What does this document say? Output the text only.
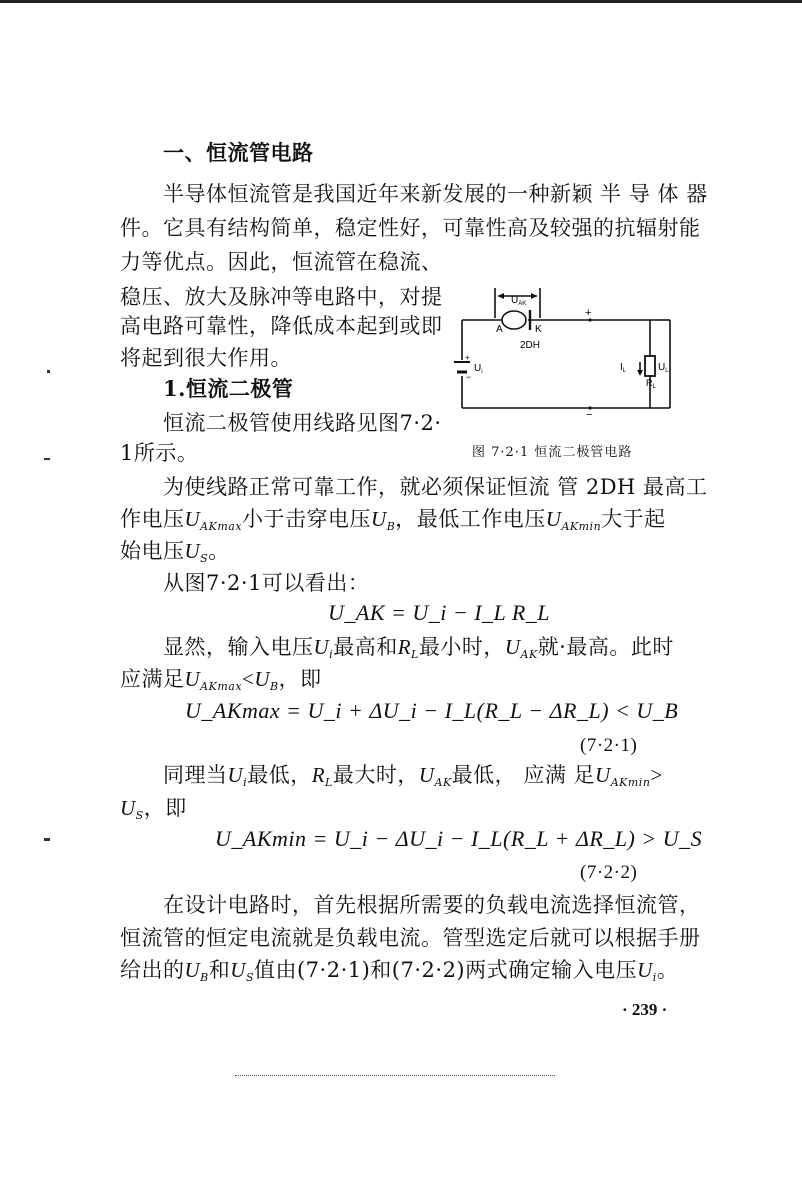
一、恒流管电路
半导体恒流管是我国近年来新发展的一种新颖 半 导 体 器
件。它具有结构简单，稳定性好，可靠性高及较强的抗辐射能
力等优点。因此，恒流管在稳流、
稳压、放大及脉冲等电路中，对提
高电路可靠性，降低成本起到或即
将起到很大作用。
1.恒流二极管
恒流二极管使用线路见图7·2·
1所示。
$U_{AK}$
A	K
2DH
+
−
+
−
$U_i$	$I_L$
$R_L$
$U_L$
图 7·2·1 恒流二极管电路
为使线路正常可靠工作，就必须保证恒流 管 2DH 最高工
作电压$U_{AKmax}$小于击穿电压$U_B$，最低工作电压$U_{AKmin}$大于起
始电压$U_S$。
从图7·2·1可以看出：
U_AK = U_i − I_L R_L
显然，输入电压$U_i$最高和$R_L$最小时，$U_{AK}$就·最高。此时
应满足$U_{AKmax}<U_B$，即
U_AKmax = U_i + ΔU_i − I_L(R_L − ΔR_L) < U_B
(7·2·1)
同理当$U_i$最低，$R_L$最大时，$U_{AK}$最低， 应满 足$U_{AKmin}>$
$U_S$，即
U_AKmin = U_i − ΔU_i − I_L(R_L + ΔR_L) > U_S
(7·2·2)
在设计电路时，首先根据所需要的负载电流选择恒流管，
恒流管的恒定电流就是负载电流。管型选定后就可以根据手册
给出的$U_B$和$U_S$值由(7·2·1)和(7·2·2)两式确定输入电压$U_i$。
· 239 ·
